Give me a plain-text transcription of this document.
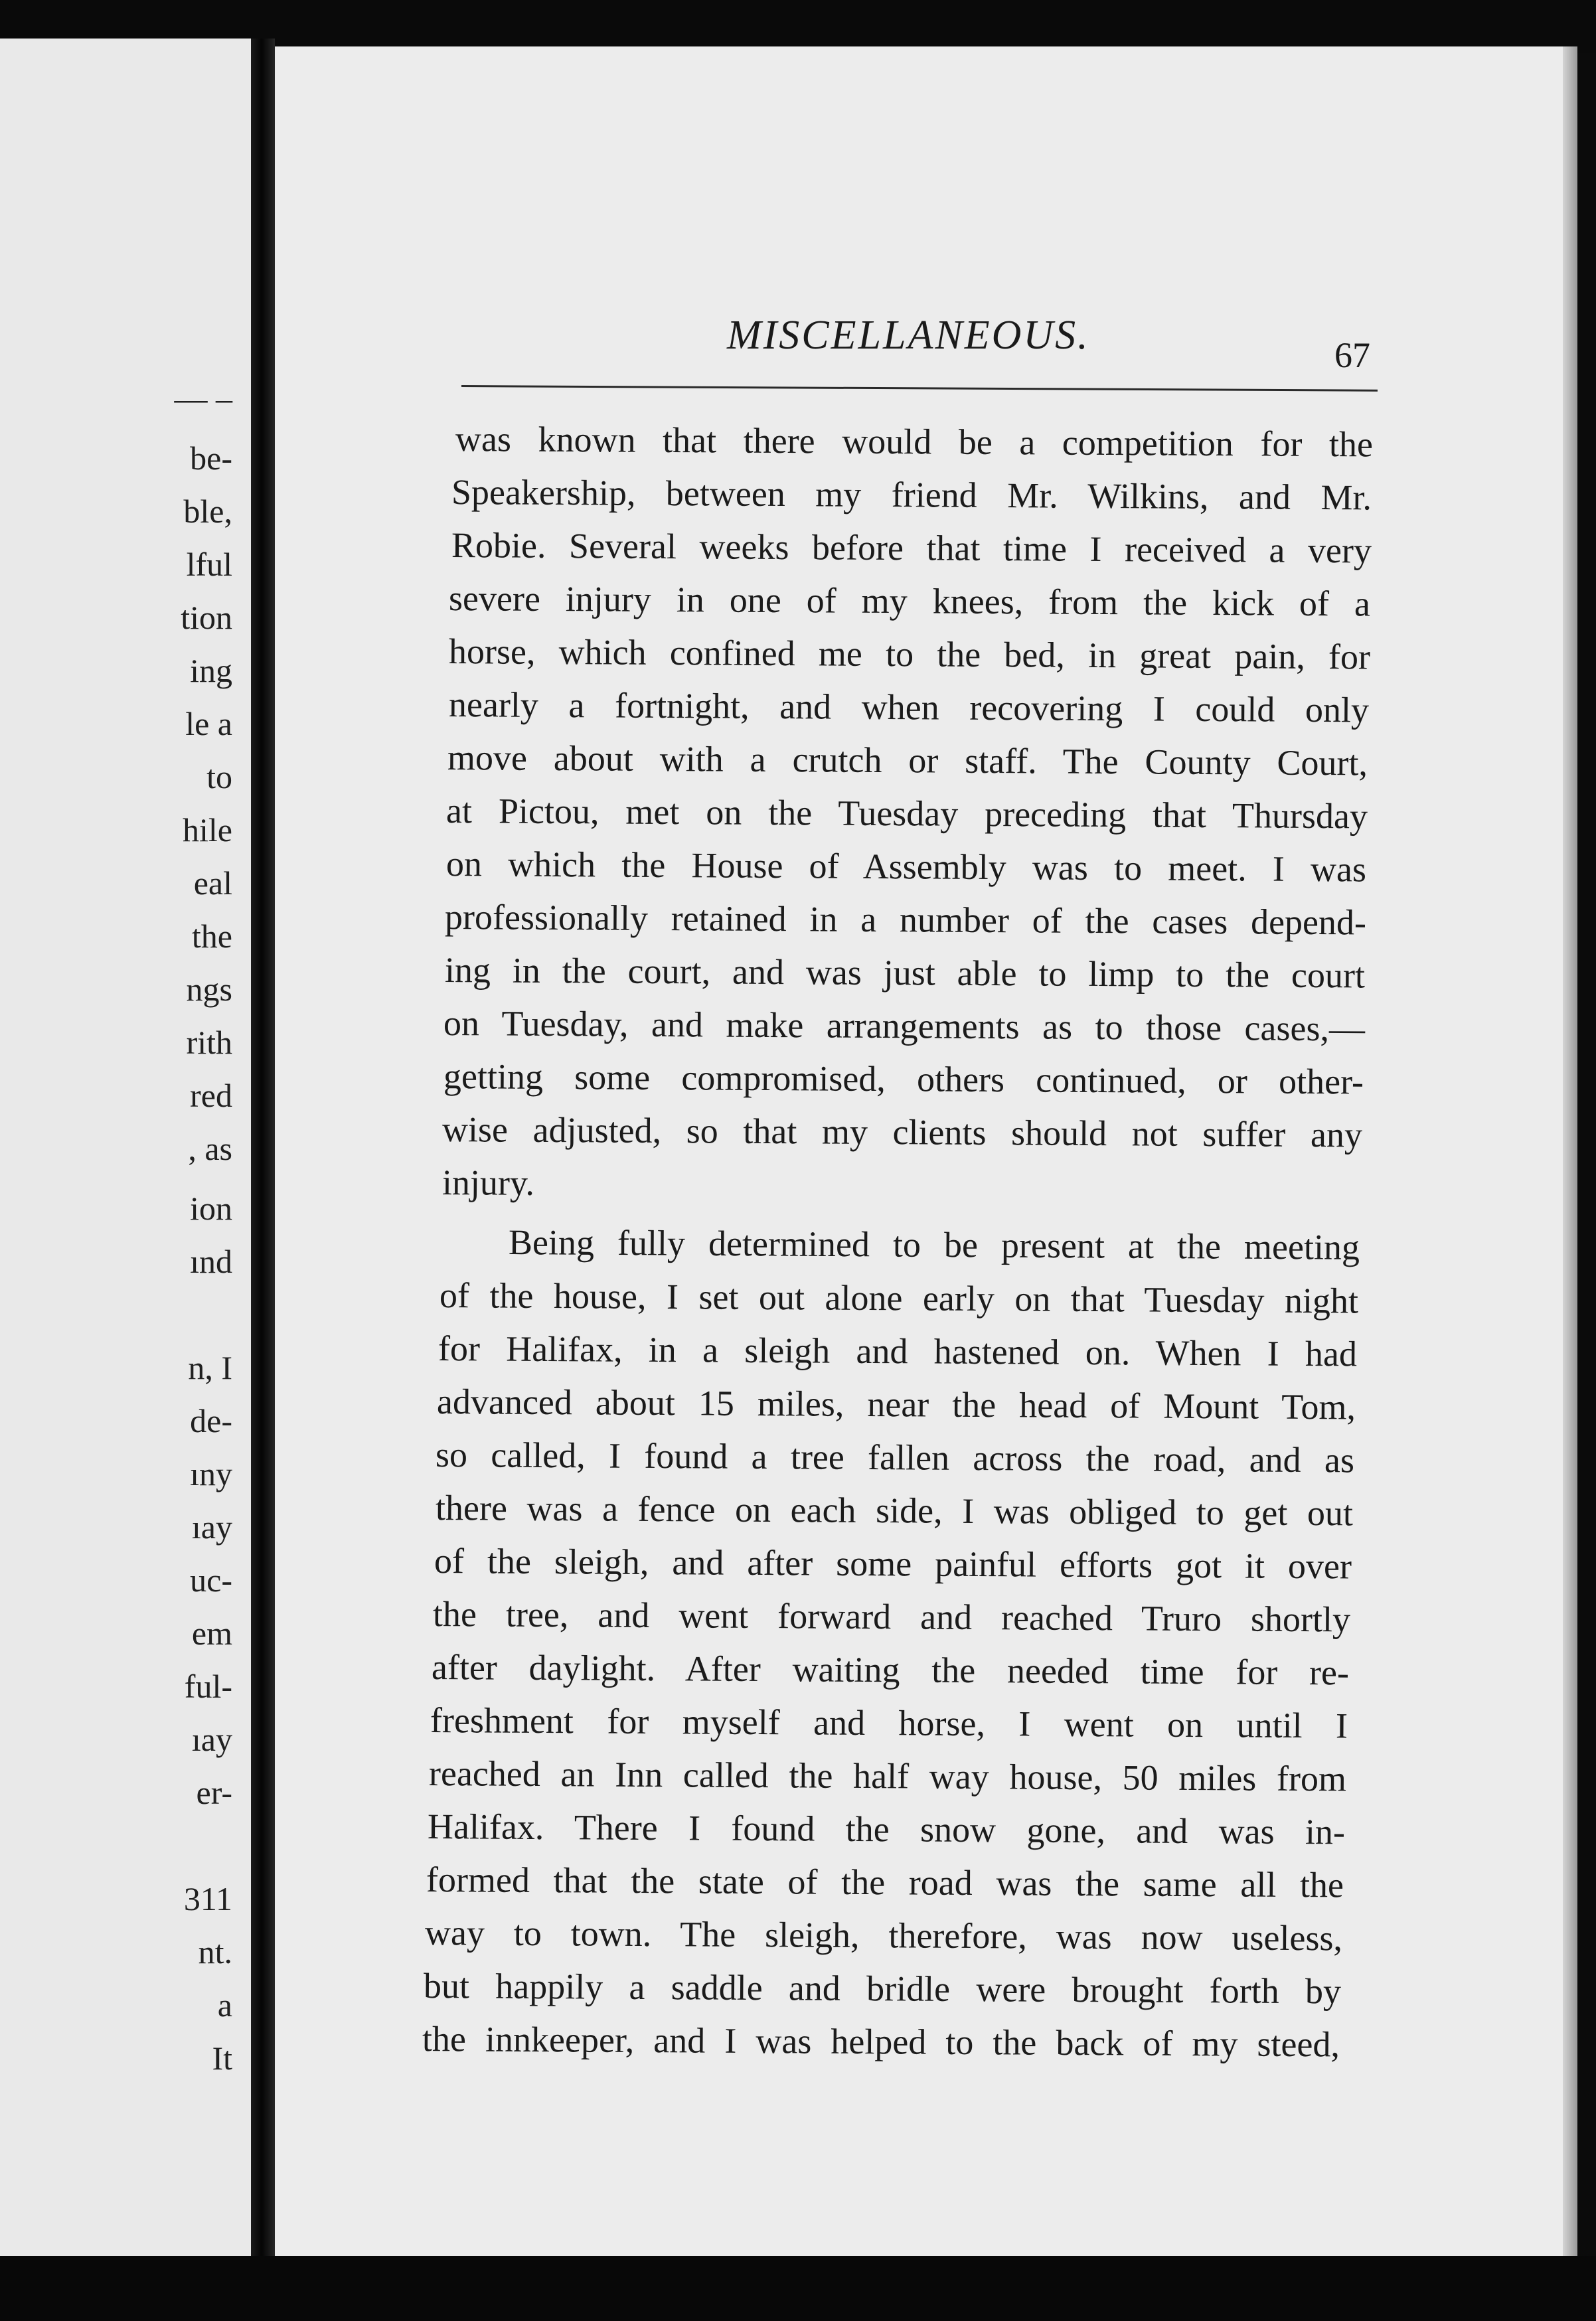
— –
be-
ble,
lful
tion
ing
le a
to
hile
eal
the
ngs
rith
red
, as
ion
ınd
n, I
de-
ıny
ıay
uc-
em
ful-
ıay
er-
311
nt.
a
It
MISCELLANEOUS.	67
was known that there would be a competition for the
Speakership, between my friend Mr. Wilkins, and Mr.
Robie. Several weeks before that time I received a very
severe injury in one of my knees, from the kick of a
horse, which confined me to the bed, in great pain, for
nearly a fortnight, and when recovering I could only
move about with a crutch or staff. The County Court,
at Pictou, met on the Tuesday preceding that Thursday
on which the House of Assembly was to meet. I was
professionally retained in a number of the cases depend-
ing in the court, and was just able to limp to the court
on Tuesday, and make arrangements as to those cases,—
getting some compromised, others continued, or other-
wise adjusted, so that my clients should not suffer any
injury.
Being fully determined to be present at the meeting
of the house, I set out alone early on that Tuesday night
for Halifax, in a sleigh and hastened on. When I had
advanced about 15 miles, near the head of Mount Tom,
so called, I found a tree fallen across the road, and as
there was a fence on each side, I was obliged to get out
of the sleigh, and after some painful efforts got it over
the tree, and went forward and reached Truro shortly
after daylight. After waiting the needed time for re-
freshment for myself and horse, I went on until I
reached an Inn called the half way house, 50 miles from
Halifax. There I found the snow gone, and was in-
formed that the state of the road was the same all the
way to town. The sleigh, therefore, was now useless,
but happily a saddle and bridle were brought forth by
the innkeeper, and I was helped to the back of my steed,
